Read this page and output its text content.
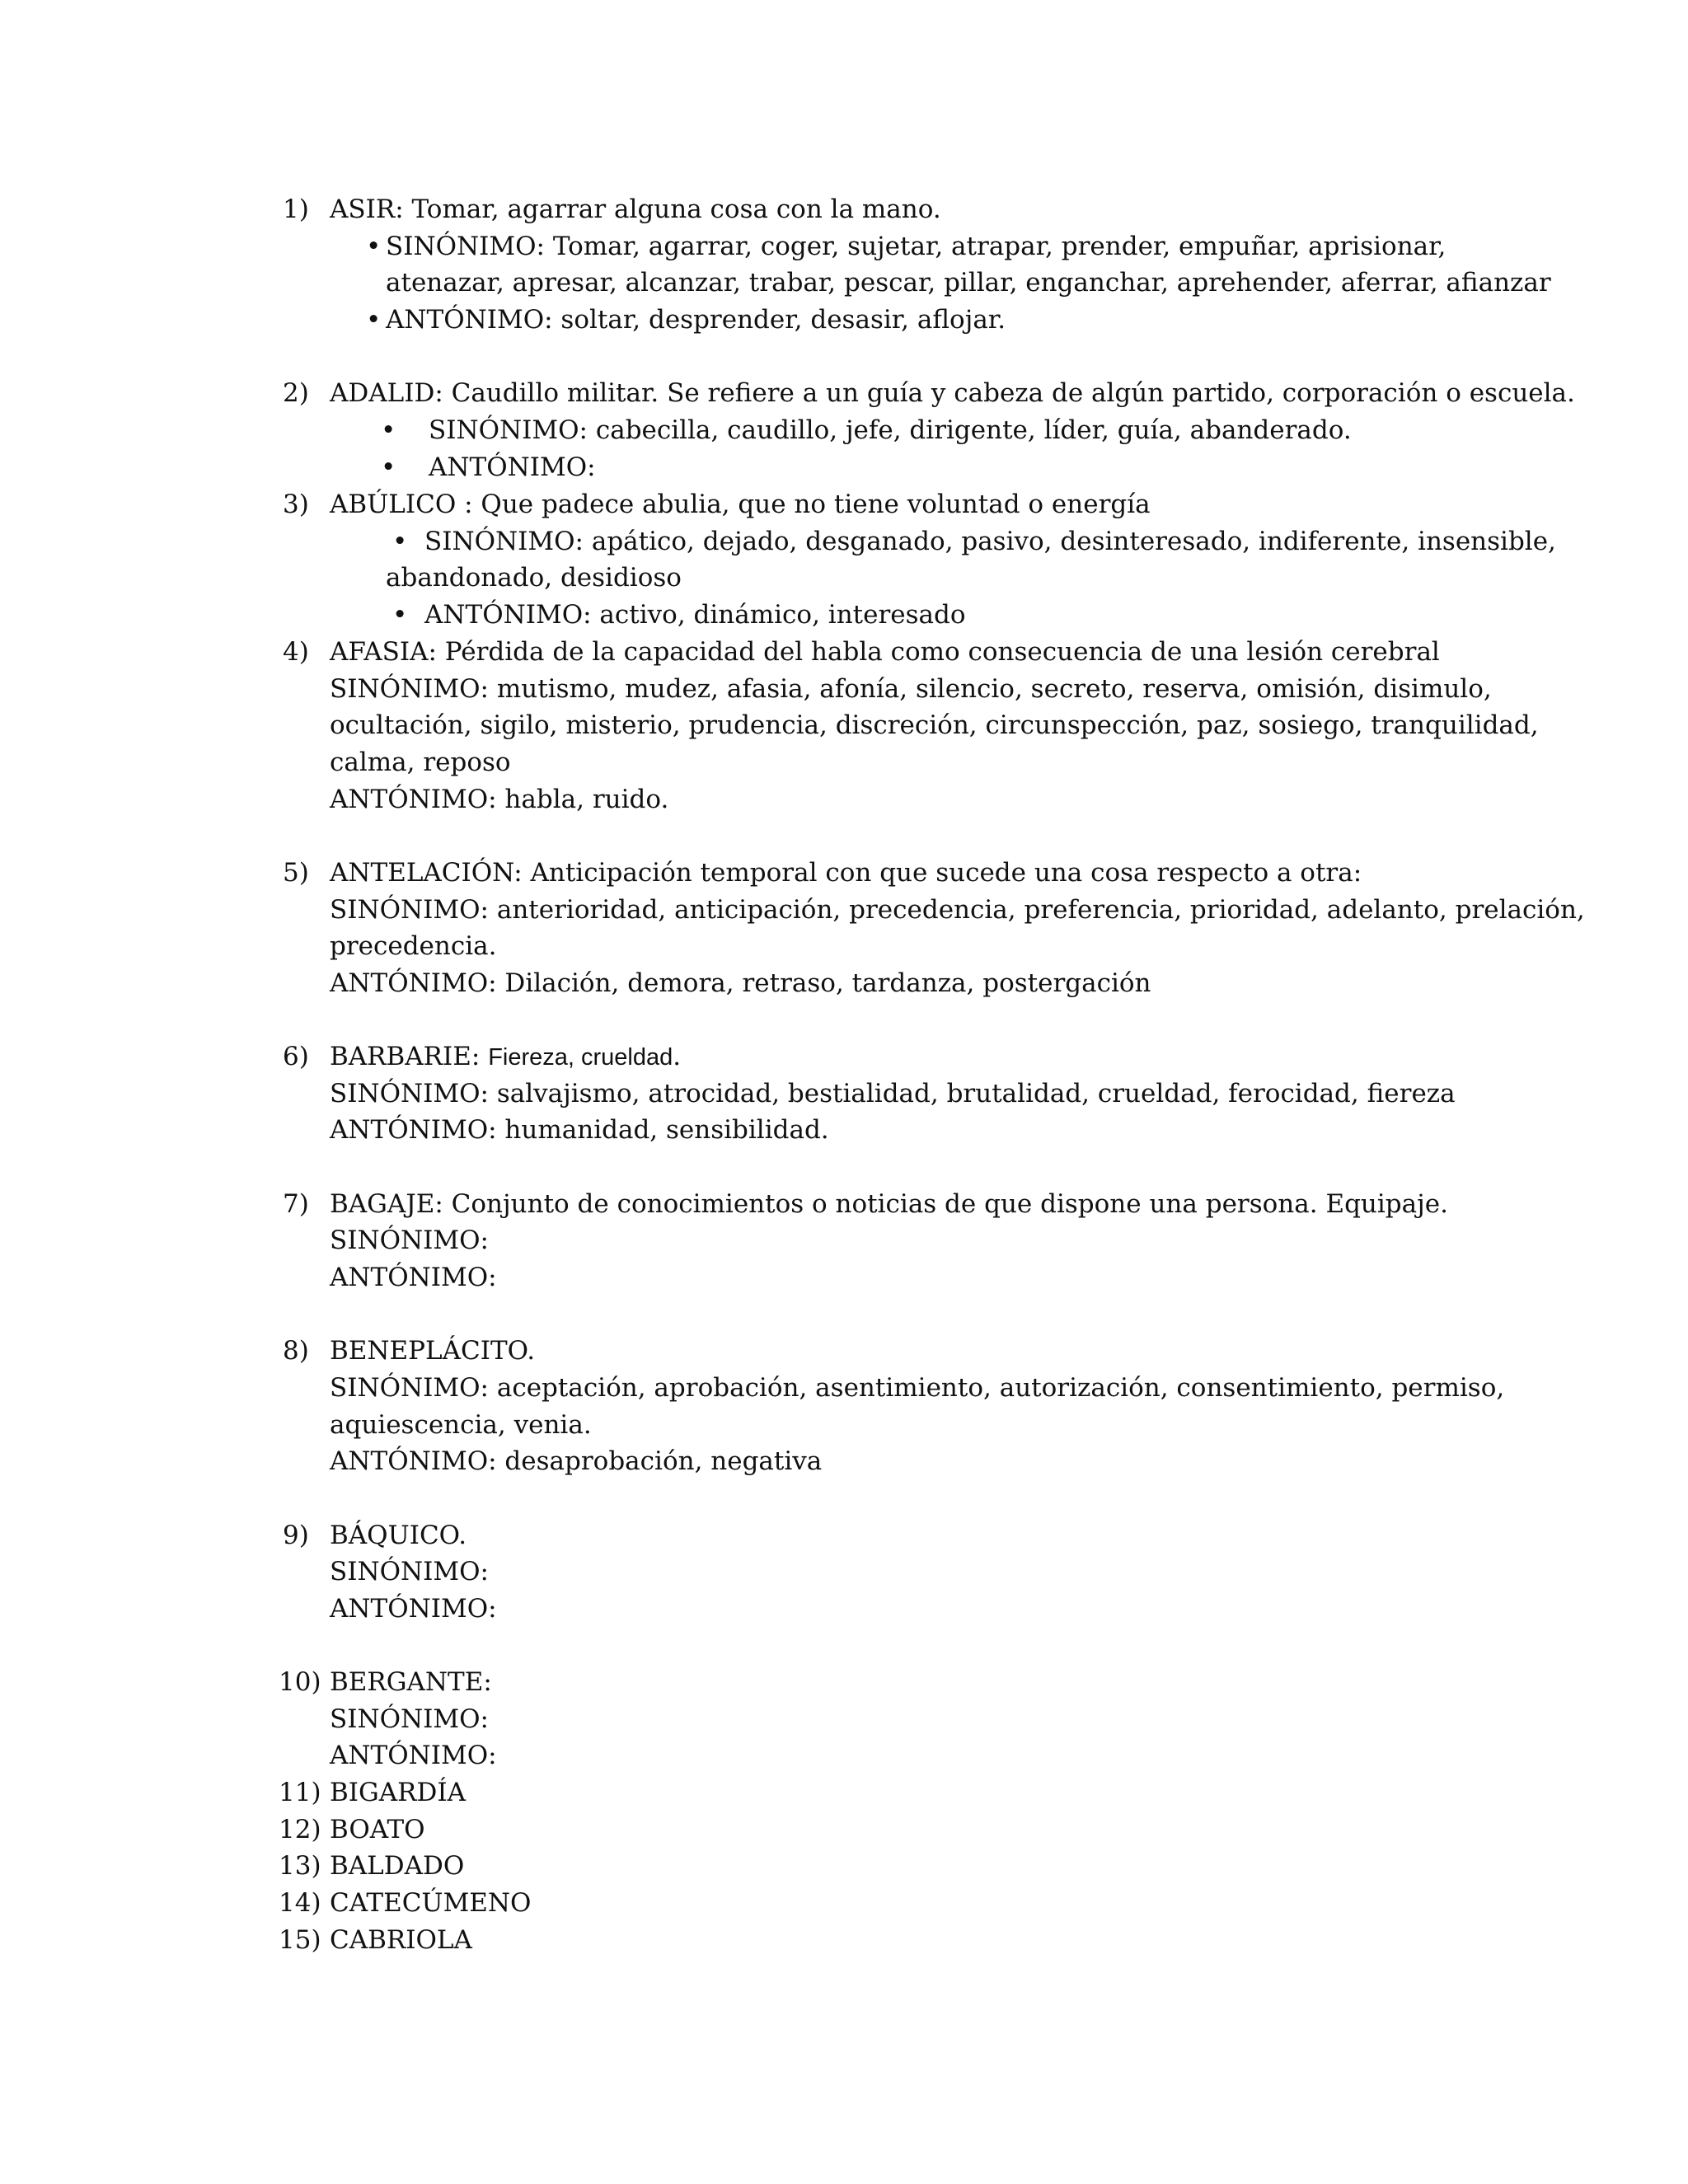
1) ASIR: Tomar, agarrar alguna cosa con la mano.
• SINÓNIMO: Tomar, agarrar, coger, sujetar, atrapar, prender, empuñar, aprisionar,
atenazar, apresar, alcanzar, trabar, pescar, pillar, enganchar, aprehender, aferrar, afianzar
• ANTÓNIMO: soltar, desprender, desasir, aflojar.
2) ADALID: Caudillo militar. Se refiere a un guía y cabeza de algún partido, corporación o escuela.
• SINÓNIMO: cabecilla, caudillo, jefe, dirigente, líder, guía, abanderado.
• ANTÓNIMO:
3) ABÚLICO : Que padece abulia, que no tiene voluntad o energía
• SINÓNIMO: apático, dejado, desganado, pasivo, desinteresado, indiferente, insensible,
abandonado, desidioso
• ANTÓNIMO: activo, dinámico, interesado
4) AFASIA: Pérdida de la capacidad del habla como consecuencia de una lesión cerebral
SINÓNIMO: mutismo, mudez, afasia, afonía, silencio, secreto, reserva, omisión, disimulo,
ocultación, sigilo, misterio, prudencia, discreción, circunspección, paz, sosiego, tranquilidad,
calma, reposo
ANTÓNIMO: habla, ruido.
5) ANTELACIÓN: Anticipación temporal con que sucede una cosa respecto a otra:
SINÓNIMO: anterioridad, anticipación, precedencia, preferencia, prioridad, adelanto, prelación,
precedencia.
ANTÓNIMO: Dilación, demora, retraso, tardanza, postergación
6) BARBARIE: Fiereza, crueldad.
SINÓNIMO: salvajismo, atrocidad, bestialidad, brutalidad, crueldad, ferocidad, fiereza
ANTÓNIMO: humanidad, sensibilidad.
7) BAGAJE: Conjunto de conocimientos o noticias de que dispone una persona. Equipaje.
SINÓNIMO:
ANTÓNIMO:
8) BENEPLÁCITO.
SINÓNIMO: aceptación, aprobación, asentimiento, autorización, consentimiento, permiso,
aquiescencia, venia.
ANTÓNIMO: desaprobación, negativa
9) BÁQUICO.
SINÓNIMO:
ANTÓNIMO:
10) BERGANTE:
SINÓNIMO:
ANTÓNIMO:
11) BIGARDÍA
12) BOATO
13) BALDADO
14) CATECÚMENO
15) CABRIOLA
